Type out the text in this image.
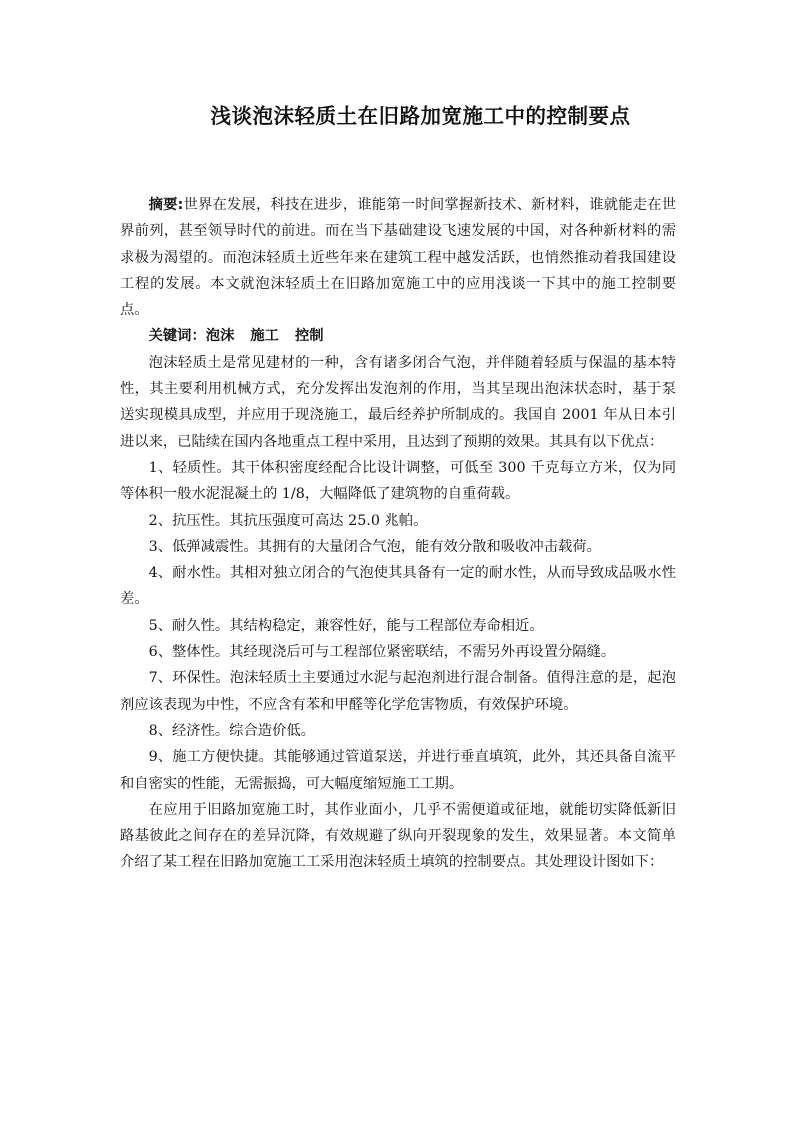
浅谈泡沫轻质土在旧路加宽施工中的控制要点

摘要:世界在发展，科技在进步，谁能第一时间掌握新技术、新材料，谁就能走在世界前列，甚至领导时代的前进。而在当下基础建设飞速发展的中国，对各种新材料的需求极为渴望的。而泡沫轻质土近些年来在建筑工程中越发活跃，也悄然推动着我国建设工程的发展。本文就泡沫轻质土在旧路加宽施工中的应用浅谈一下其中的施工控制要点。

关键词：泡沫 施工 控制

泡沫轻质土是常见建材的一种，含有诸多闭合气泡，并伴随着轻质与保温的基本特性，其主要利用机械方式，充分发挥出发泡剂的作用，当其呈现出泡沫状态时，基于泵送实现模具成型，并应用于现浇施工，最后经养护所制成的。我国自 2001 年从日本引进以来，已陆续在国内各地重点工程中采用，且达到了预期的效果。其具有以下优点：

1、轻质性。其干体积密度经配合比设计调整，可低至 300 千克每立方米，仅为同等体积一般水泥混凝土的 1/8，大幅降低了建筑物的自重荷载。

2、抗压性。其抗压强度可高达 25.0 兆帕。

3、低弹减震性。其拥有的大量闭合气泡，能有效分散和吸收冲击载荷。

4、耐水性。其相对独立闭合的气泡使其具备有一定的耐水性，从而导致成品吸水性差。

5、耐久性。其结构稳定，兼容性好，能与工程部位寿命相近。

6、整体性。其经现浇后可与工程部位紧密联结，不需另外再设置分隔缝。

7、环保性。泡沫轻质土主要通过水泥与起泡剂进行混合制备。值得注意的是，起泡剂应该表现为中性，不应含有苯和甲醛等化学危害物质，有效保护环境。

8、经济性。综合造价低。

9、施工方便快捷。其能够通过管道泵送，并进行垂直填筑，此外，其还具备自流平和自密实的性能，无需振捣，可大幅度缩短施工工期。

在应用于旧路加宽施工时，其作业面小，几乎不需便道或征地，就能切实降低新旧路基彼此之间存在的差异沉降，有效规避了纵向开裂现象的发生，效果显著。本文简单介绍了某工程在旧路加宽施工工采用泡沫轻质土填筑的控制要点。其处理设计图如下：
